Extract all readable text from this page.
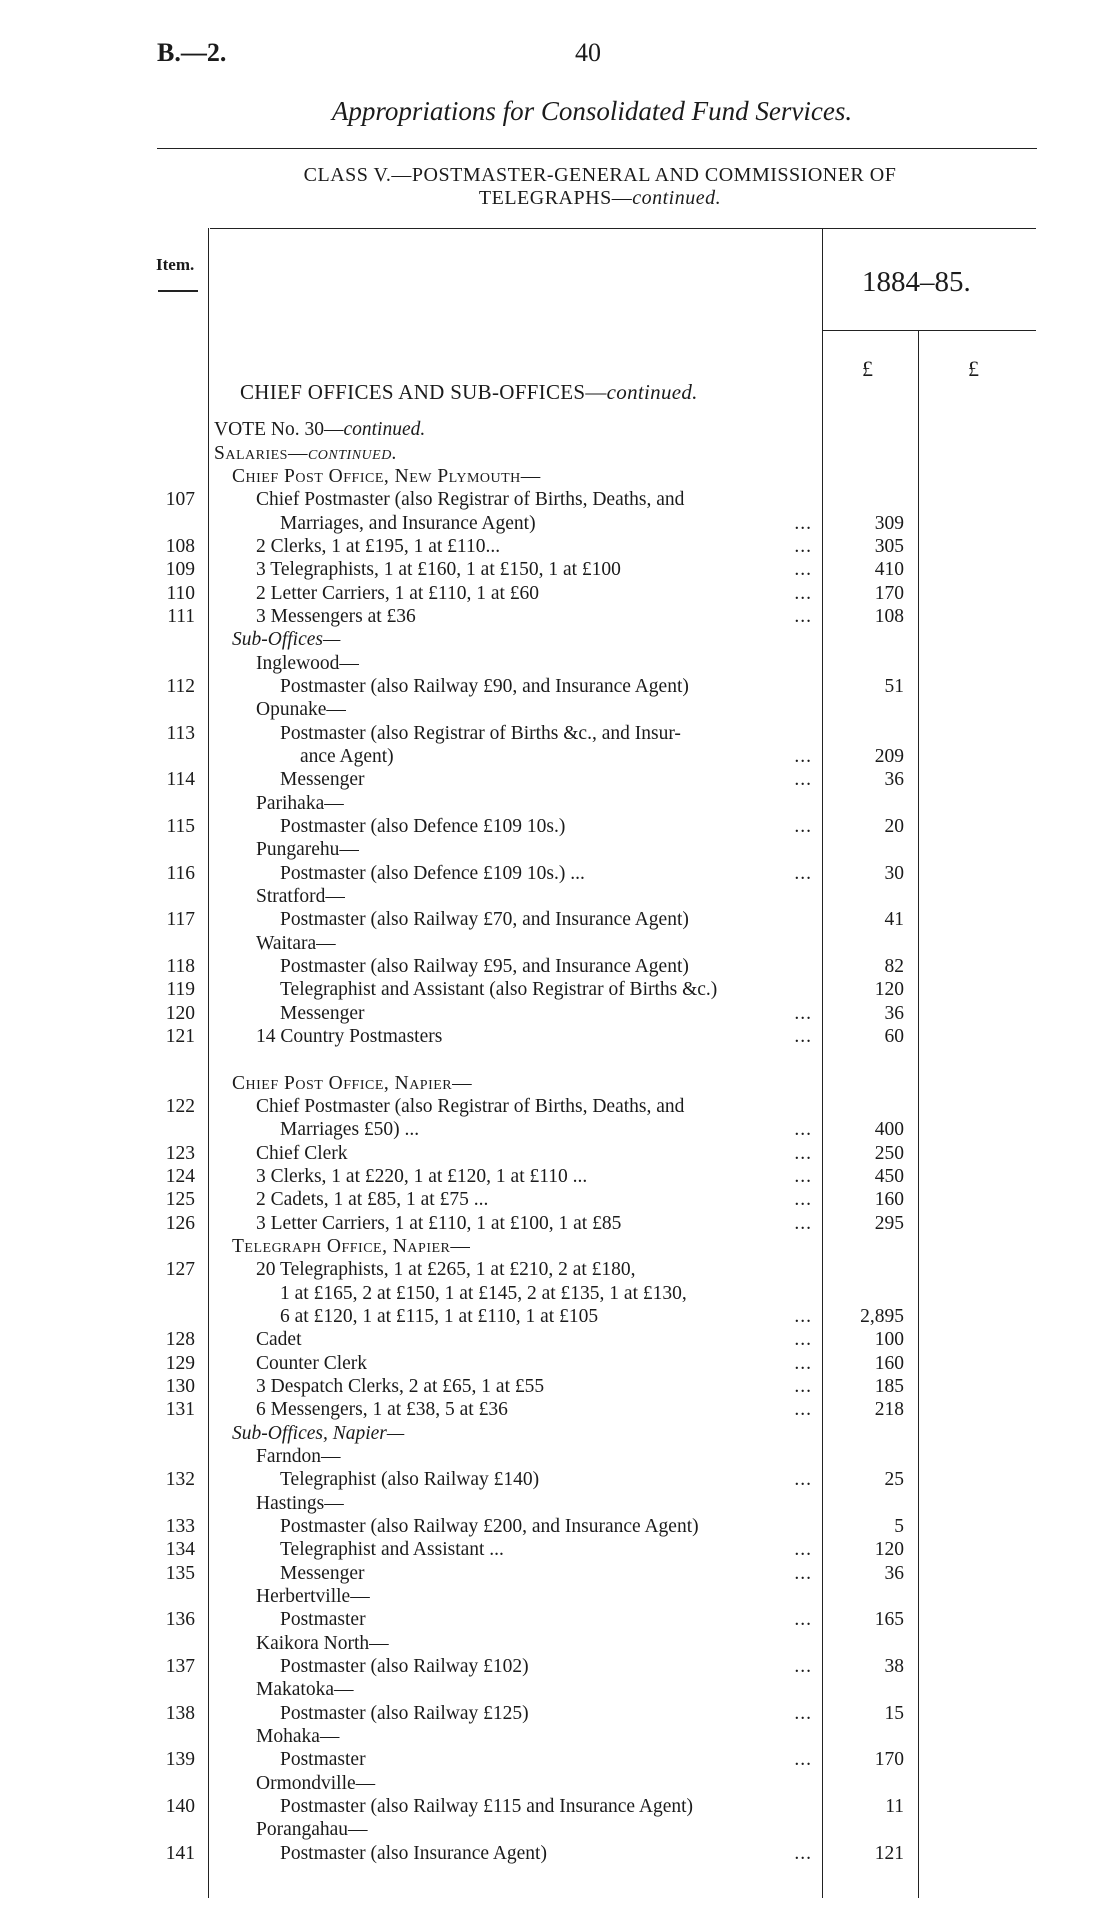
B.—2.	40
Appropriations for Consolidated Fund Services.
CLASS V.—POSTMASTER-GENERAL AND COMMISSIONER OF
TELEGRAPHS—continued.
Item.
1884–85.
£	£
CHIEF OFFICES AND SUB-OFFICES—continued.
VOTE No. 30—continued.
Salaries—continued.
Chief Post Office, New Plymouth—
107	Chief Postmaster (also Registrar of Births, Deaths, and
Marriages, and Insurance Agent)	...	309
108	2 Clerks, 1 at £195, 1 at £110...	...	305
109	3 Telegraphists, 1 at £160, 1 at £150, 1 at £100	...	410
110	2 Letter Carriers, 1 at £110, 1 at £60	...	170
111	3 Messengers at £36	...	108
Sub-Offices—
Inglewood—
112	Postmaster (also Railway £90, and Insurance Agent)	51
Opunake—
113	Postmaster (also Registrar of Births &c., and Insur-
ance Agent)	...	209
114	Messenger	...	36
Parihaka—
115	Postmaster (also Defence £109 10s.)	...	20
Pungarehu—
116	Postmaster (also Defence £109 10s.) ...	...	30
Stratford—
117	Postmaster (also Railway £70, and Insurance Agent)	41
Waitara—
118	Postmaster (also Railway £95, and Insurance Agent)	82
119	Telegraphist and Assistant (also Registrar of Births &c.)	120
120	Messenger	...	36
121	14 Country Postmasters	...	60
Chief Post Office, Napier—
122	Chief Postmaster (also Registrar of Births, Deaths, and
Marriages £50) ...	...	400
123	Chief Clerk	...	250
124	3 Clerks, 1 at £220, 1 at £120, 1 at £110 ...	...	450
125	2 Cadets, 1 at £85, 1 at £75 ...	...	160
126	3 Letter Carriers, 1 at £110, 1 at £100, 1 at £85	...	295
Telegraph Office, Napier—
127	20 Telegraphists, 1 at £265, 1 at £210, 2 at £180,
1 at £165, 2 at £150, 1 at £145, 2 at £135, 1 at £130,
6 at £120, 1 at £115, 1 at £110, 1 at £105	...	2,895
128	Cadet	...	100
129	Counter Clerk	...	160
130	3 Despatch Clerks, 2 at £65, 1 at £55	...	185
131	6 Messengers, 1 at £38, 5 at £36	...	218
Sub-Offices, Napier—
Farndon—
132	Telegraphist (also Railway £140)	...	25
Hastings—
133	Postmaster (also Railway £200, and Insurance Agent)	5
134	Telegraphist and Assistant ...	...	120
135	Messenger	...	36
Herbertville—
136	Postmaster	...	165
Kaikora North—
137	Postmaster (also Railway £102)	...	38
Makatoka—
138	Postmaster (also Railway £125)	...	15
Mohaka—
139	Postmaster	...	170
Ormondville—
140	Postmaster (also Railway £115 and Insurance Agent)	11
Porangahau—
141	Postmaster (also Insurance Agent)	...	121
